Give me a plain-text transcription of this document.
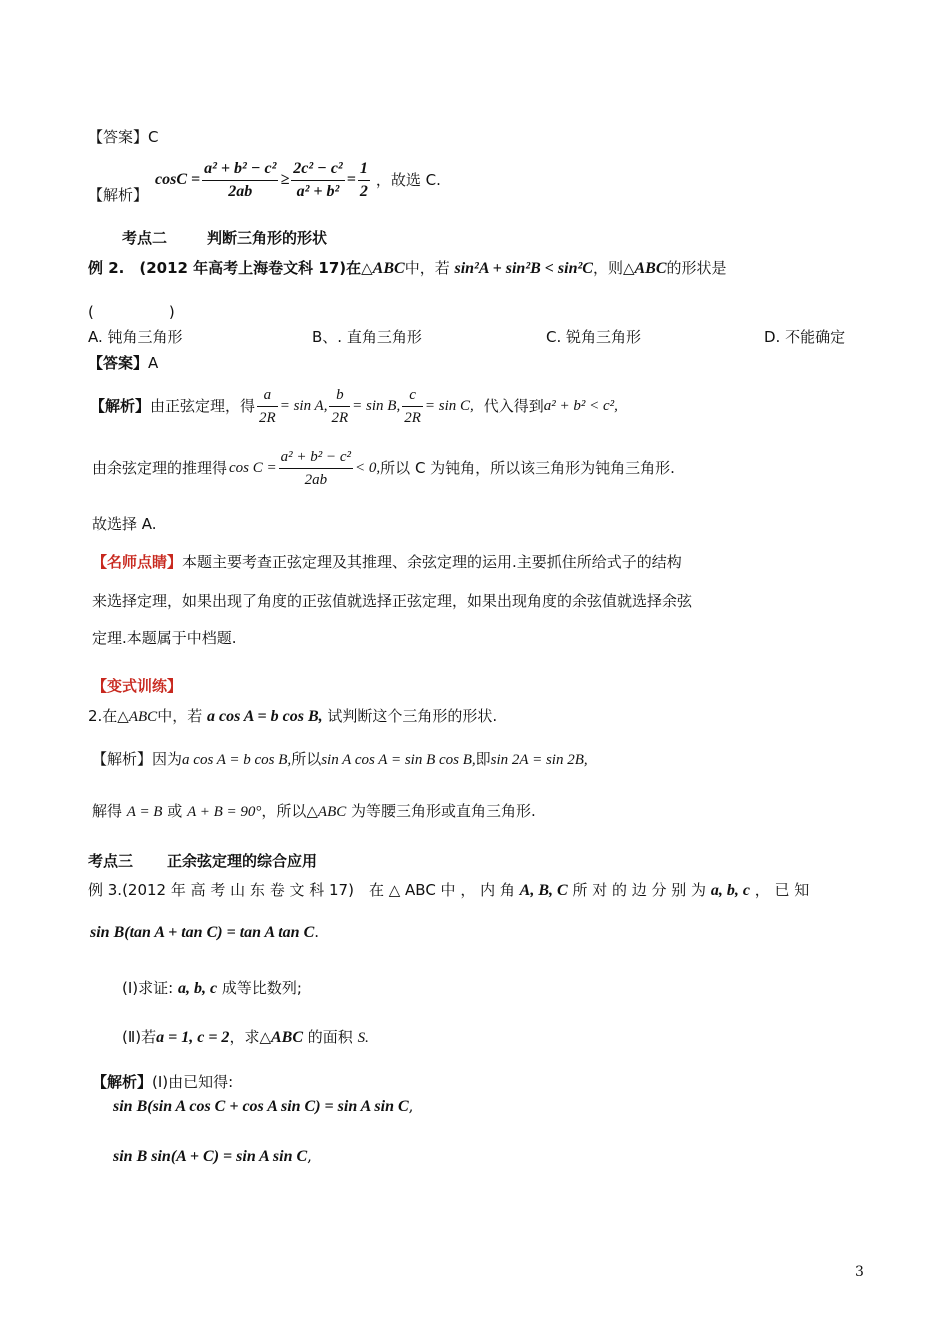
【答案】C
【解析】
$\cos C = \frac{\text{a² + b² − c²}}{2ab} \ge \frac{\text{2c² − c²}}{\text{a² + b²}} = \frac{1}{2}$ ，故选 C.
考点二	判断三角形的形状
例 2.　(2012 年高考上海卷文科 17)在△ABC中，若 sin²A + sin²B < sin²C，则△ABC的形状是
(　　　　　)
A. 钝角三角形	B、. 直角三角形	C. 锐角三角形	D. 不能确定
【答案】A
【解析】 由正弦定理，得 $\frac{a}{2R} = \sin A$, $\frac{b}{2R} = \sin B$, $\frac{c}{2R} = \sin C$, 代入得到 a² + b² < c²,
由余弦定理的推理得 $\cos C = \frac{\text{a² + b² − c²}}{2ab} < 0$, 所以 C 为钝角，所以该三角形为钝角三角形.
故选择 A.
【名师点睛】本题主要考查正弦定理及其推理、余弦定理的运用.主要抓住所给式子的结构
来选择定理，如果出现了角度的正弦值就选择正弦定理，如果出现角度的余弦值就选择余弦
定理.本题属于中档题.
【变式训练】
2.在△ABC中，若 a cos A = b cos B, 试判断这个三角形的形状.
【解析】因为a cos A = b cos B,所以sin A cos A = sin B cos B,即sin 2A = sin 2B,
解得 A = B 或 A + B = 90°，所以△ABC 为等腰三角形或直角三角形.
考点三 正余弦定理的综合应用
例 3.(2012 年 高 考 山 东 卷 文 科 17)　在 △ ABC 中 ， 内 角 A, B, C 所 对 的 边 分 别 为 a, b, c ， 已 知
sin B(tan A + tan C) = tan A tan C.
(Ⅰ)求证: a, b, c 成等比数列;
(Ⅱ)若a = 1, c = 2，求△ABC 的面积 S.
【解析】(Ⅰ)由已知得:
sin B(sin A cos C + cos A sin C) = sin A sin C,
sin B sin(A + C) = sin A sin C,
3
